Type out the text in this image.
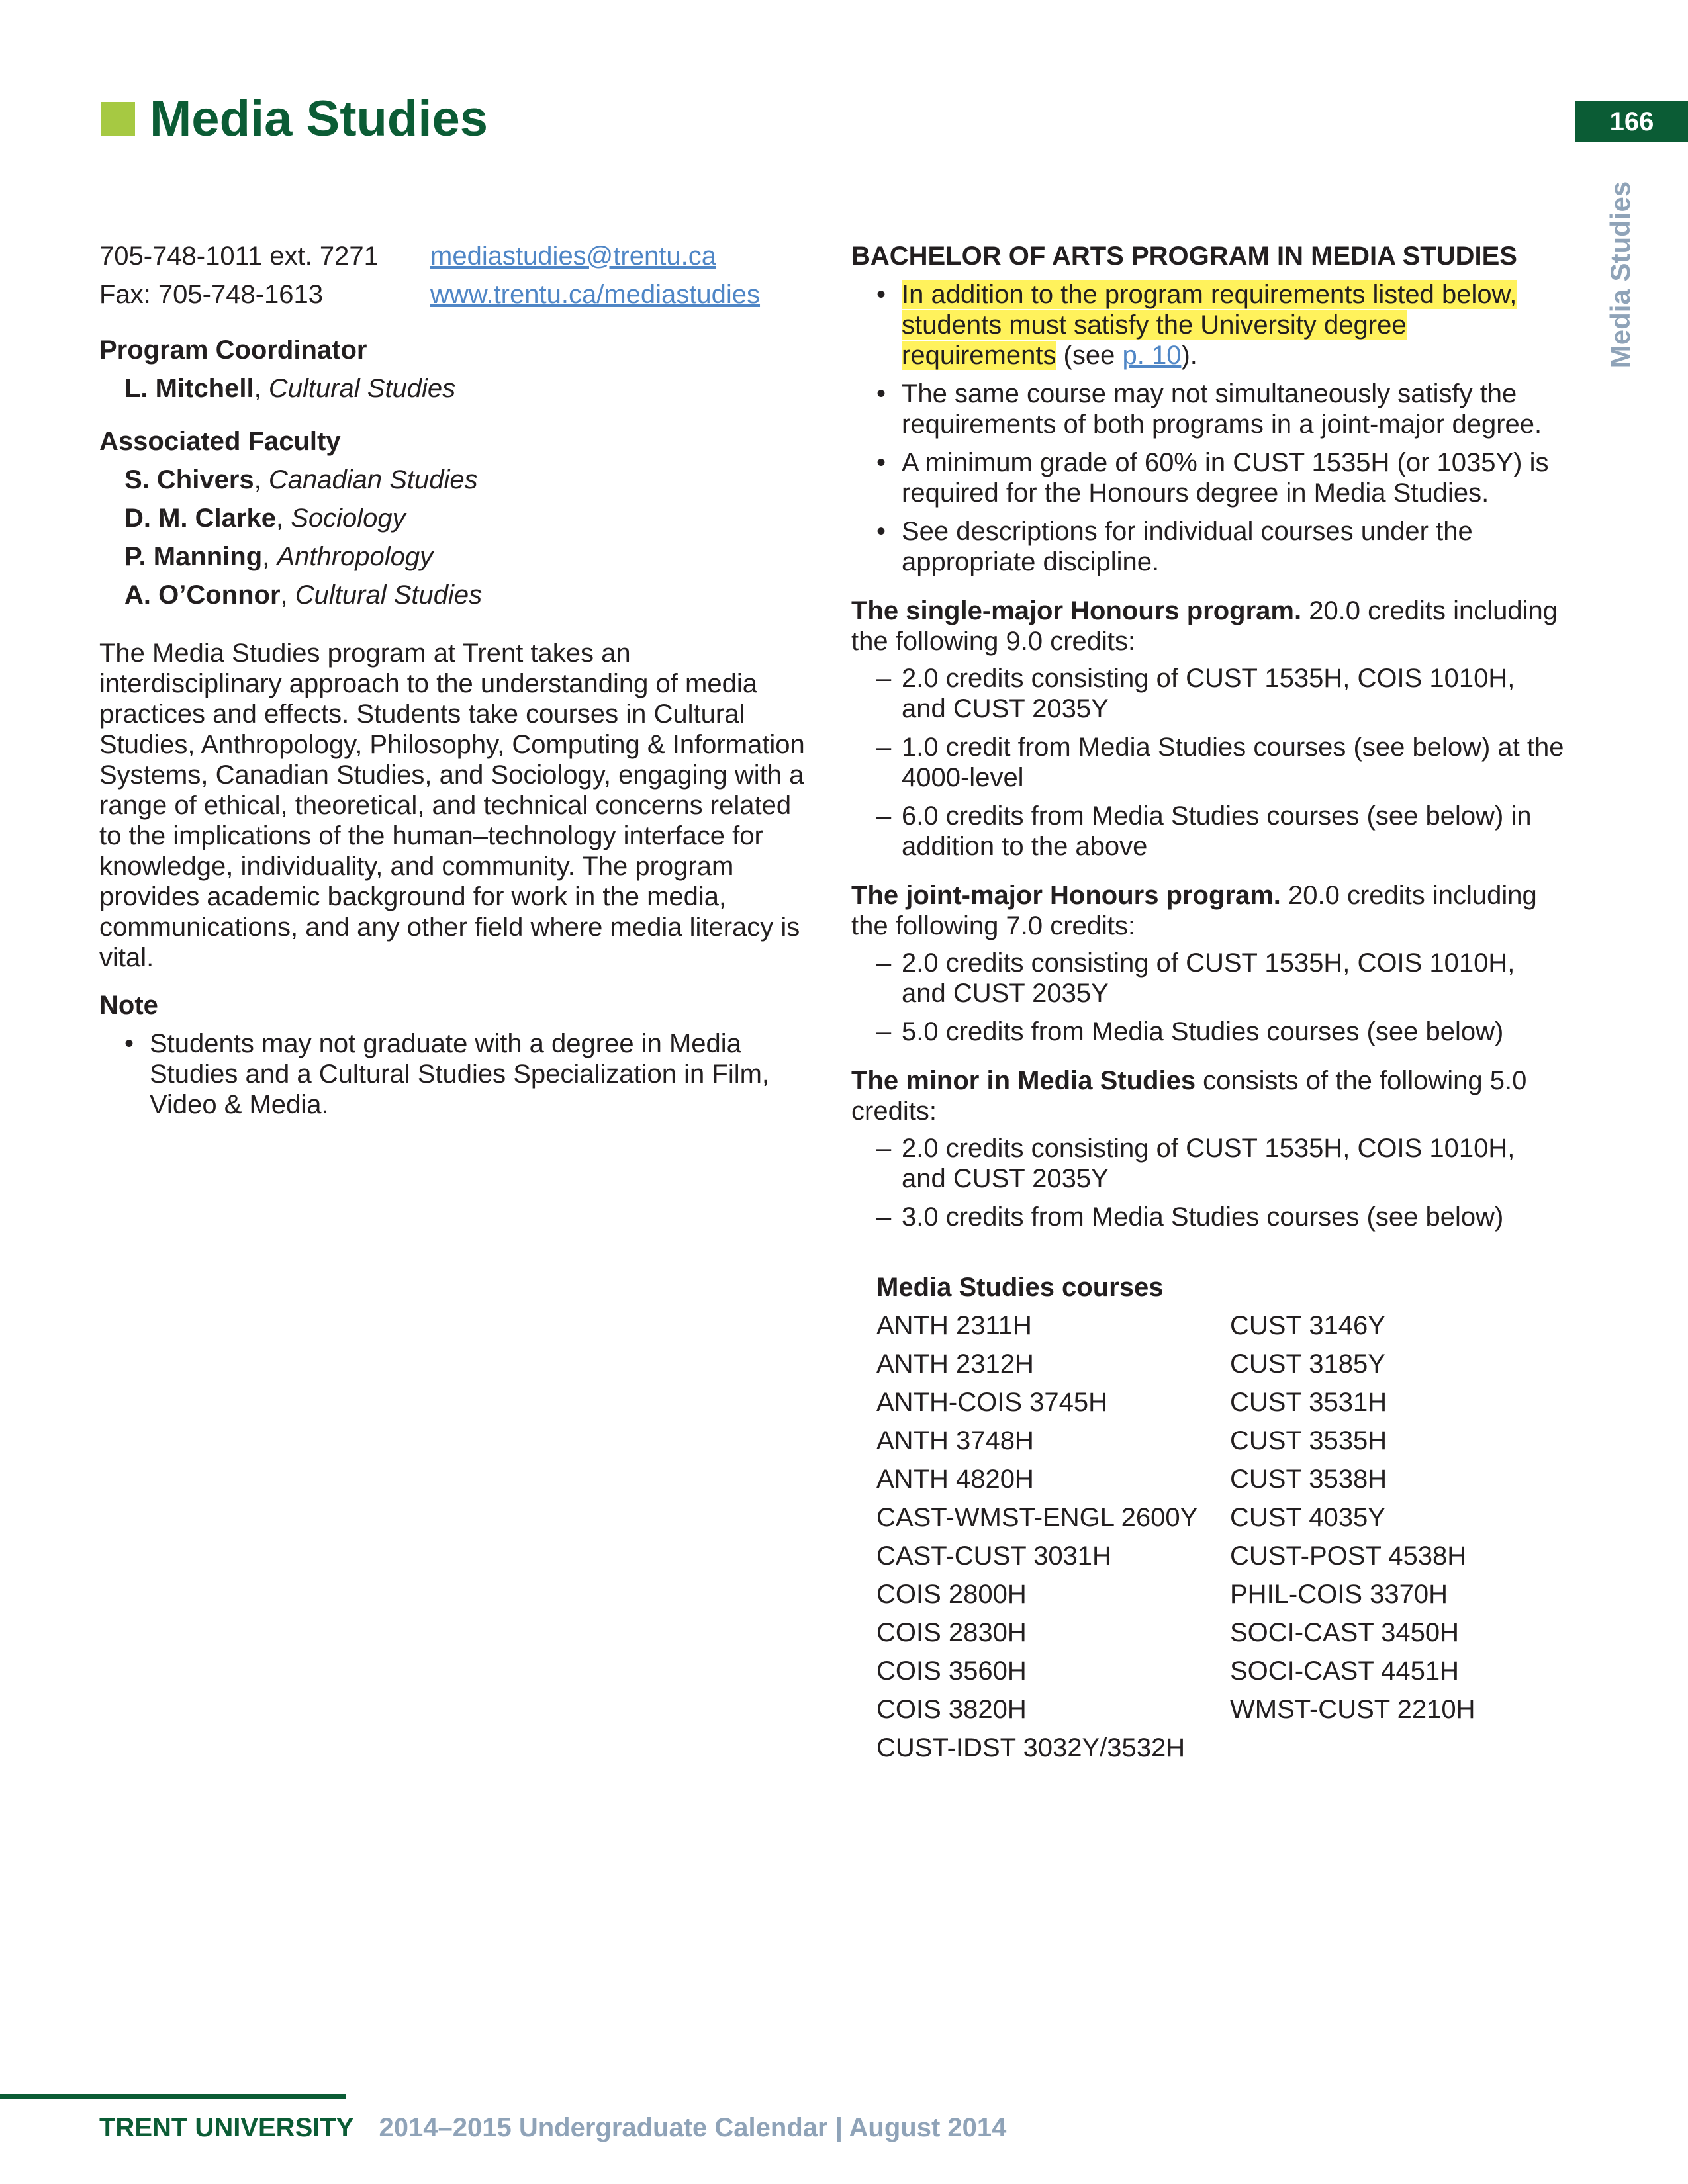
Media Studies	166
Media Studies
705-748-1011 ext. 7271 mediastudies@trentu.ca
Fax: 705-748-1613	www.trentu.ca/mediastudies
Program Coordinator
L. Mitchell, Cultural Studies
Associated Faculty
S. Chivers, Canadian Studies
D. M. Clarke, Sociology
P. Manning, Anthropology
A. O’Connor, Cultural Studies

The Media Studies program at Trent takes an interdisciplinary approach to the understanding of media practices and effects. Students take courses in Cultural Studies, Anthropology, Philosophy, Computing & Information Systems, Canadian Studies, and Sociology, engaging with a range of ethical, theoretical, and technical concerns related to the implications of the human–technology interface for knowledge, individuality, and community. The program provides academic background for work in the media, communications, and any other field where media literacy is vital.

Note
• Students may not graduate with a degree in Media Studies and a Cultural Studies Specialization in Film, Video & Media.
BACHELOR OF ARTS PROGRAM IN MEDIA STUDIES
• In addition to the program requirements listed below, students must satisfy the University degree requirements (see p. 10).
• The same course may not simultaneously satisfy the requirements of both programs in a joint-major degree.
• A minimum grade of 60% in CUST 1535H (or 1035Y) is required for the Honours degree in Media Studies.
• See descriptions for individual courses under the appropriate discipline.
The single-major Honours program. 20.0 credits including the following 9.0 credits:
– 2.0 credits consisting of CUST 1535H, COIS 1010H, and CUST 2035Y
– 1.0 credit from Media Studies courses (see below) at the 4000-level
– 6.0 credits from Media Studies courses (see below) in addition to the above
The joint-major Honours program. 20.0 credits including the following 7.0 credits:
– 2.0 credits consisting of CUST 1535H, COIS 1010H, and CUST 2035Y
– 5.0 credits from Media Studies courses (see below)
The minor in Media Studies consists of the following 5.0 credits:
– 2.0 credits consisting of CUST 1535H, COIS 1010H, and CUST 2035Y
– 3.0 credits from Media Studies courses (see below)
Media Studies courses
ANTH 2311H	CUST 3146Y
ANTH 2312H	CUST 3185Y
ANTH-COIS 3745H	CUST 3531H
ANTH 3748H	CUST 3535H
ANTH 4820H	CUST 3538H
CAST-WMST-ENGL 2600Y	CUST 4035Y
CAST-CUST 3031H	CUST-POST 4538H
COIS 2800H	PHIL-COIS 3370H
COIS 2830H	SOCI-CAST 3450H
COIS 3560H	SOCI-CAST 4451H
COIS 3820H	WMST-CUST 2210H
CUST-IDST 3032Y/3532H
TRENT UNIVERSITY 2014–2015 Undergraduate Calendar | August 2014
